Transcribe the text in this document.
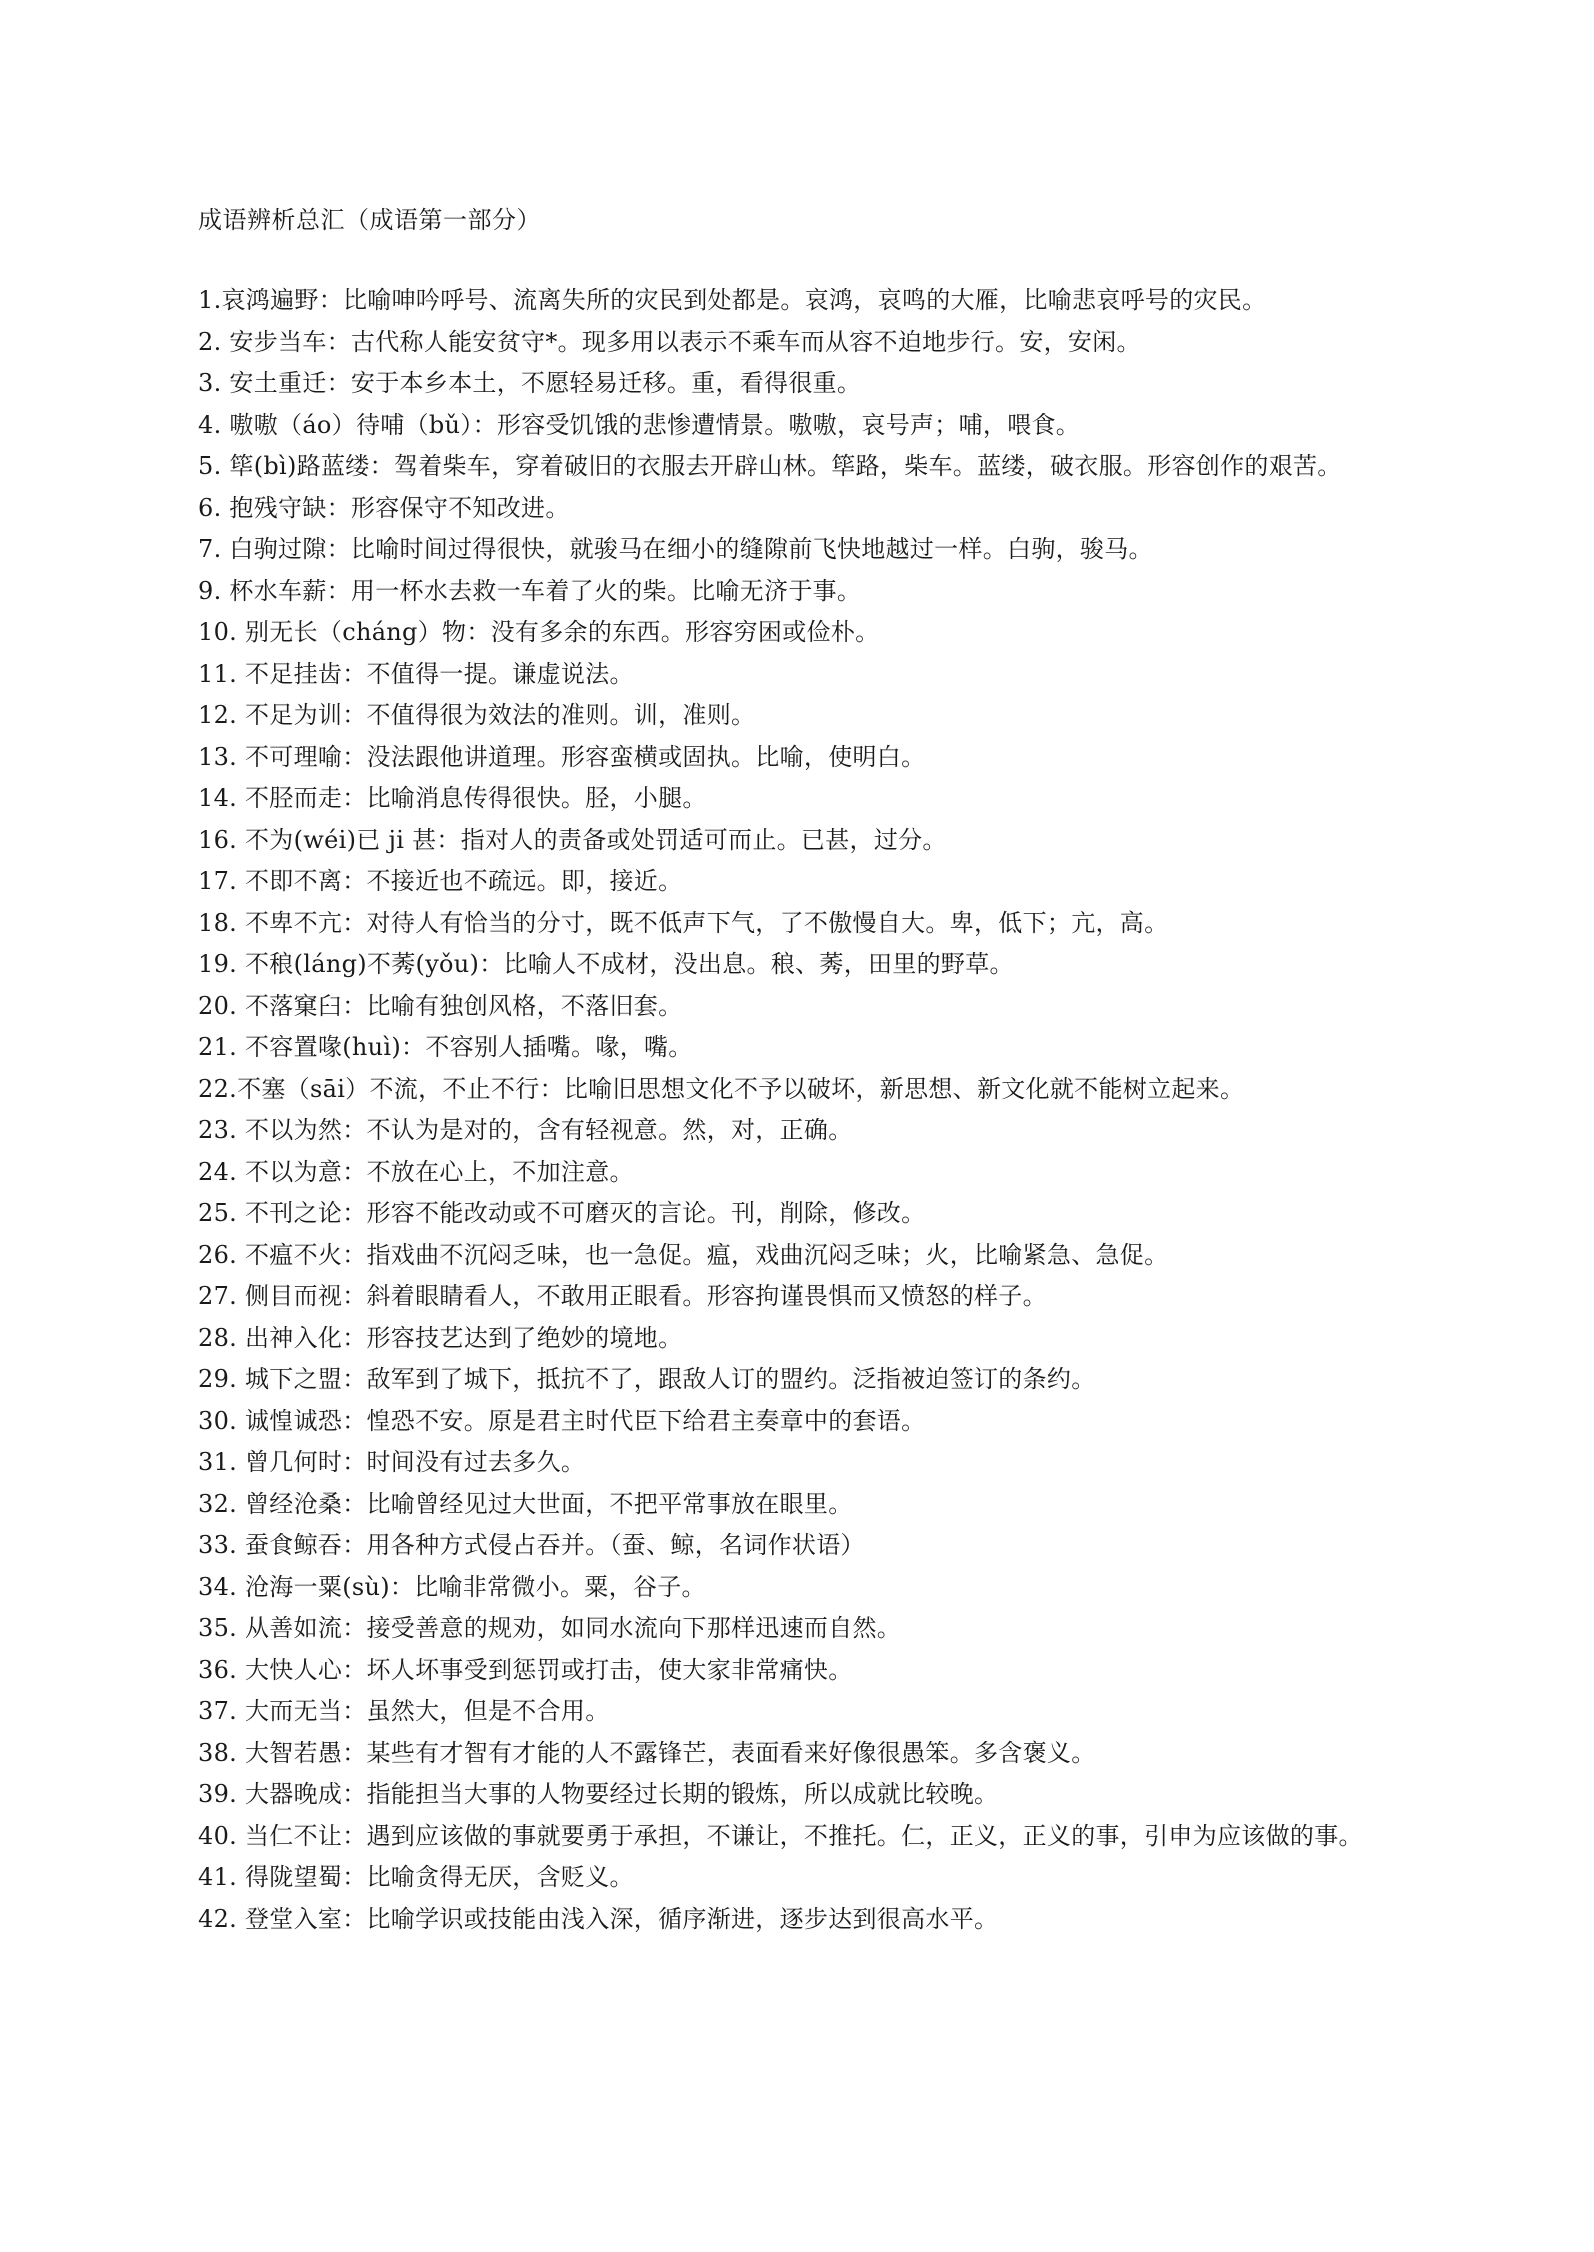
成语辨析总汇（成语第一部分）
1.哀鸿遍野：比喻呻吟呼号、流离失所的灾民到处都是。哀鸿，哀鸣的大雁，比喻悲哀呼号的灾民。
2. 安步当车：古代称人能安贫守*。现多用以表示不乘车而从容不迫地步行。安，安闲。
3. 安土重迁：安于本乡本土，不愿轻易迁移。重，看得很重。
4. 嗷嗷（áo）待哺（bǔ）：形容受饥饿的悲惨遭情景。嗷嗷，哀号声；哺，喂食。
5. 筚(bì)路蓝缕：驾着柴车，穿着破旧的衣服去开辟山林。筚路，柴车。蓝缕，破衣服。形容创作的艰苦。
6. 抱残守缺：形容保守不知改进。
7. 白驹过隙：比喻时间过得很快，就骏马在细小的缝隙前飞快地越过一样。白驹，骏马。
9. 杯水车薪：用一杯水去救一车着了火的柴。比喻无济于事。
10. 别无长（cháng）物：没有多余的东西。形容穷困或俭朴。
11. 不足挂齿：不值得一提。谦虚说法。
12. 不足为训：不值得很为效法的准则。训，准则。
13. 不可理喻：没法跟他讲道理。形容蛮横或固执。比喻，使明白。
14. 不胫而走：比喻消息传得很快。胫，小腿。
16. 不为(wéi)已 ji 甚：指对人的责备或处罚适可而止。已甚，过分。
17. 不即不离：不接近也不疏远。即，接近。
18. 不卑不亢：对待人有恰当的分寸，既不低声下气，了不傲慢自大。卑，低下；亢，高。
19. 不稂(láng)不莠(yǒu)：比喻人不成材，没出息。稂、莠，田里的野草。
20. 不落窠臼：比喻有独创风格，不落旧套。
21. 不容置喙(huì)：不容别人插嘴。喙，嘴。
22.不塞（sāi）不流，不止不行：比喻旧思想文化不予以破坏，新思想、新文化就不能树立起来。
23. 不以为然：不认为是对的，含有轻视意。然，对，正确。
24. 不以为意：不放在心上，不加注意。
25. 不刊之论：形容不能改动或不可磨灭的言论。刊，削除，修改。
26. 不瘟不火：指戏曲不沉闷乏味，也一急促。瘟，戏曲沉闷乏味；火，比喻紧急、急促。
27. 侧目而视：斜着眼睛看人，不敢用正眼看。形容拘谨畏惧而又愤怒的样子。
28. 出神入化：形容技艺达到了绝妙的境地。
29. 城下之盟：敌军到了城下，抵抗不了，跟敌人订的盟约。泛指被迫签订的条约。
30. 诚惶诚恐：惶恐不安。原是君主时代臣下给君主奏章中的套语。
31. 曾几何时：时间没有过去多久。
32. 曾经沧桑：比喻曾经见过大世面，不把平常事放在眼里。
33. 蚕食鲸吞：用各种方式侵占吞并。（蚕、鲸，名词作状语）
34. 沧海一粟(sù)：比喻非常微小。粟，谷子。
35. 从善如流：接受善意的规劝，如同水流向下那样迅速而自然。
36. 大快人心：坏人坏事受到惩罚或打击，使大家非常痛快。
37. 大而无当：虽然大，但是不合用。
38. 大智若愚：某些有才智有才能的人不露锋芒，表面看来好像很愚笨。多含褒义。
39. 大器晚成：指能担当大事的人物要经过长期的锻炼，所以成就比较晚。
40. 当仁不让：遇到应该做的事就要勇于承担，不谦让，不推托。仁，正义，正义的事，引申为应该做的事。
41. 得陇望蜀：比喻贪得无厌，含贬义。
42. 登堂入室：比喻学识或技能由浅入深，循序渐进，逐步达到很高水平。
